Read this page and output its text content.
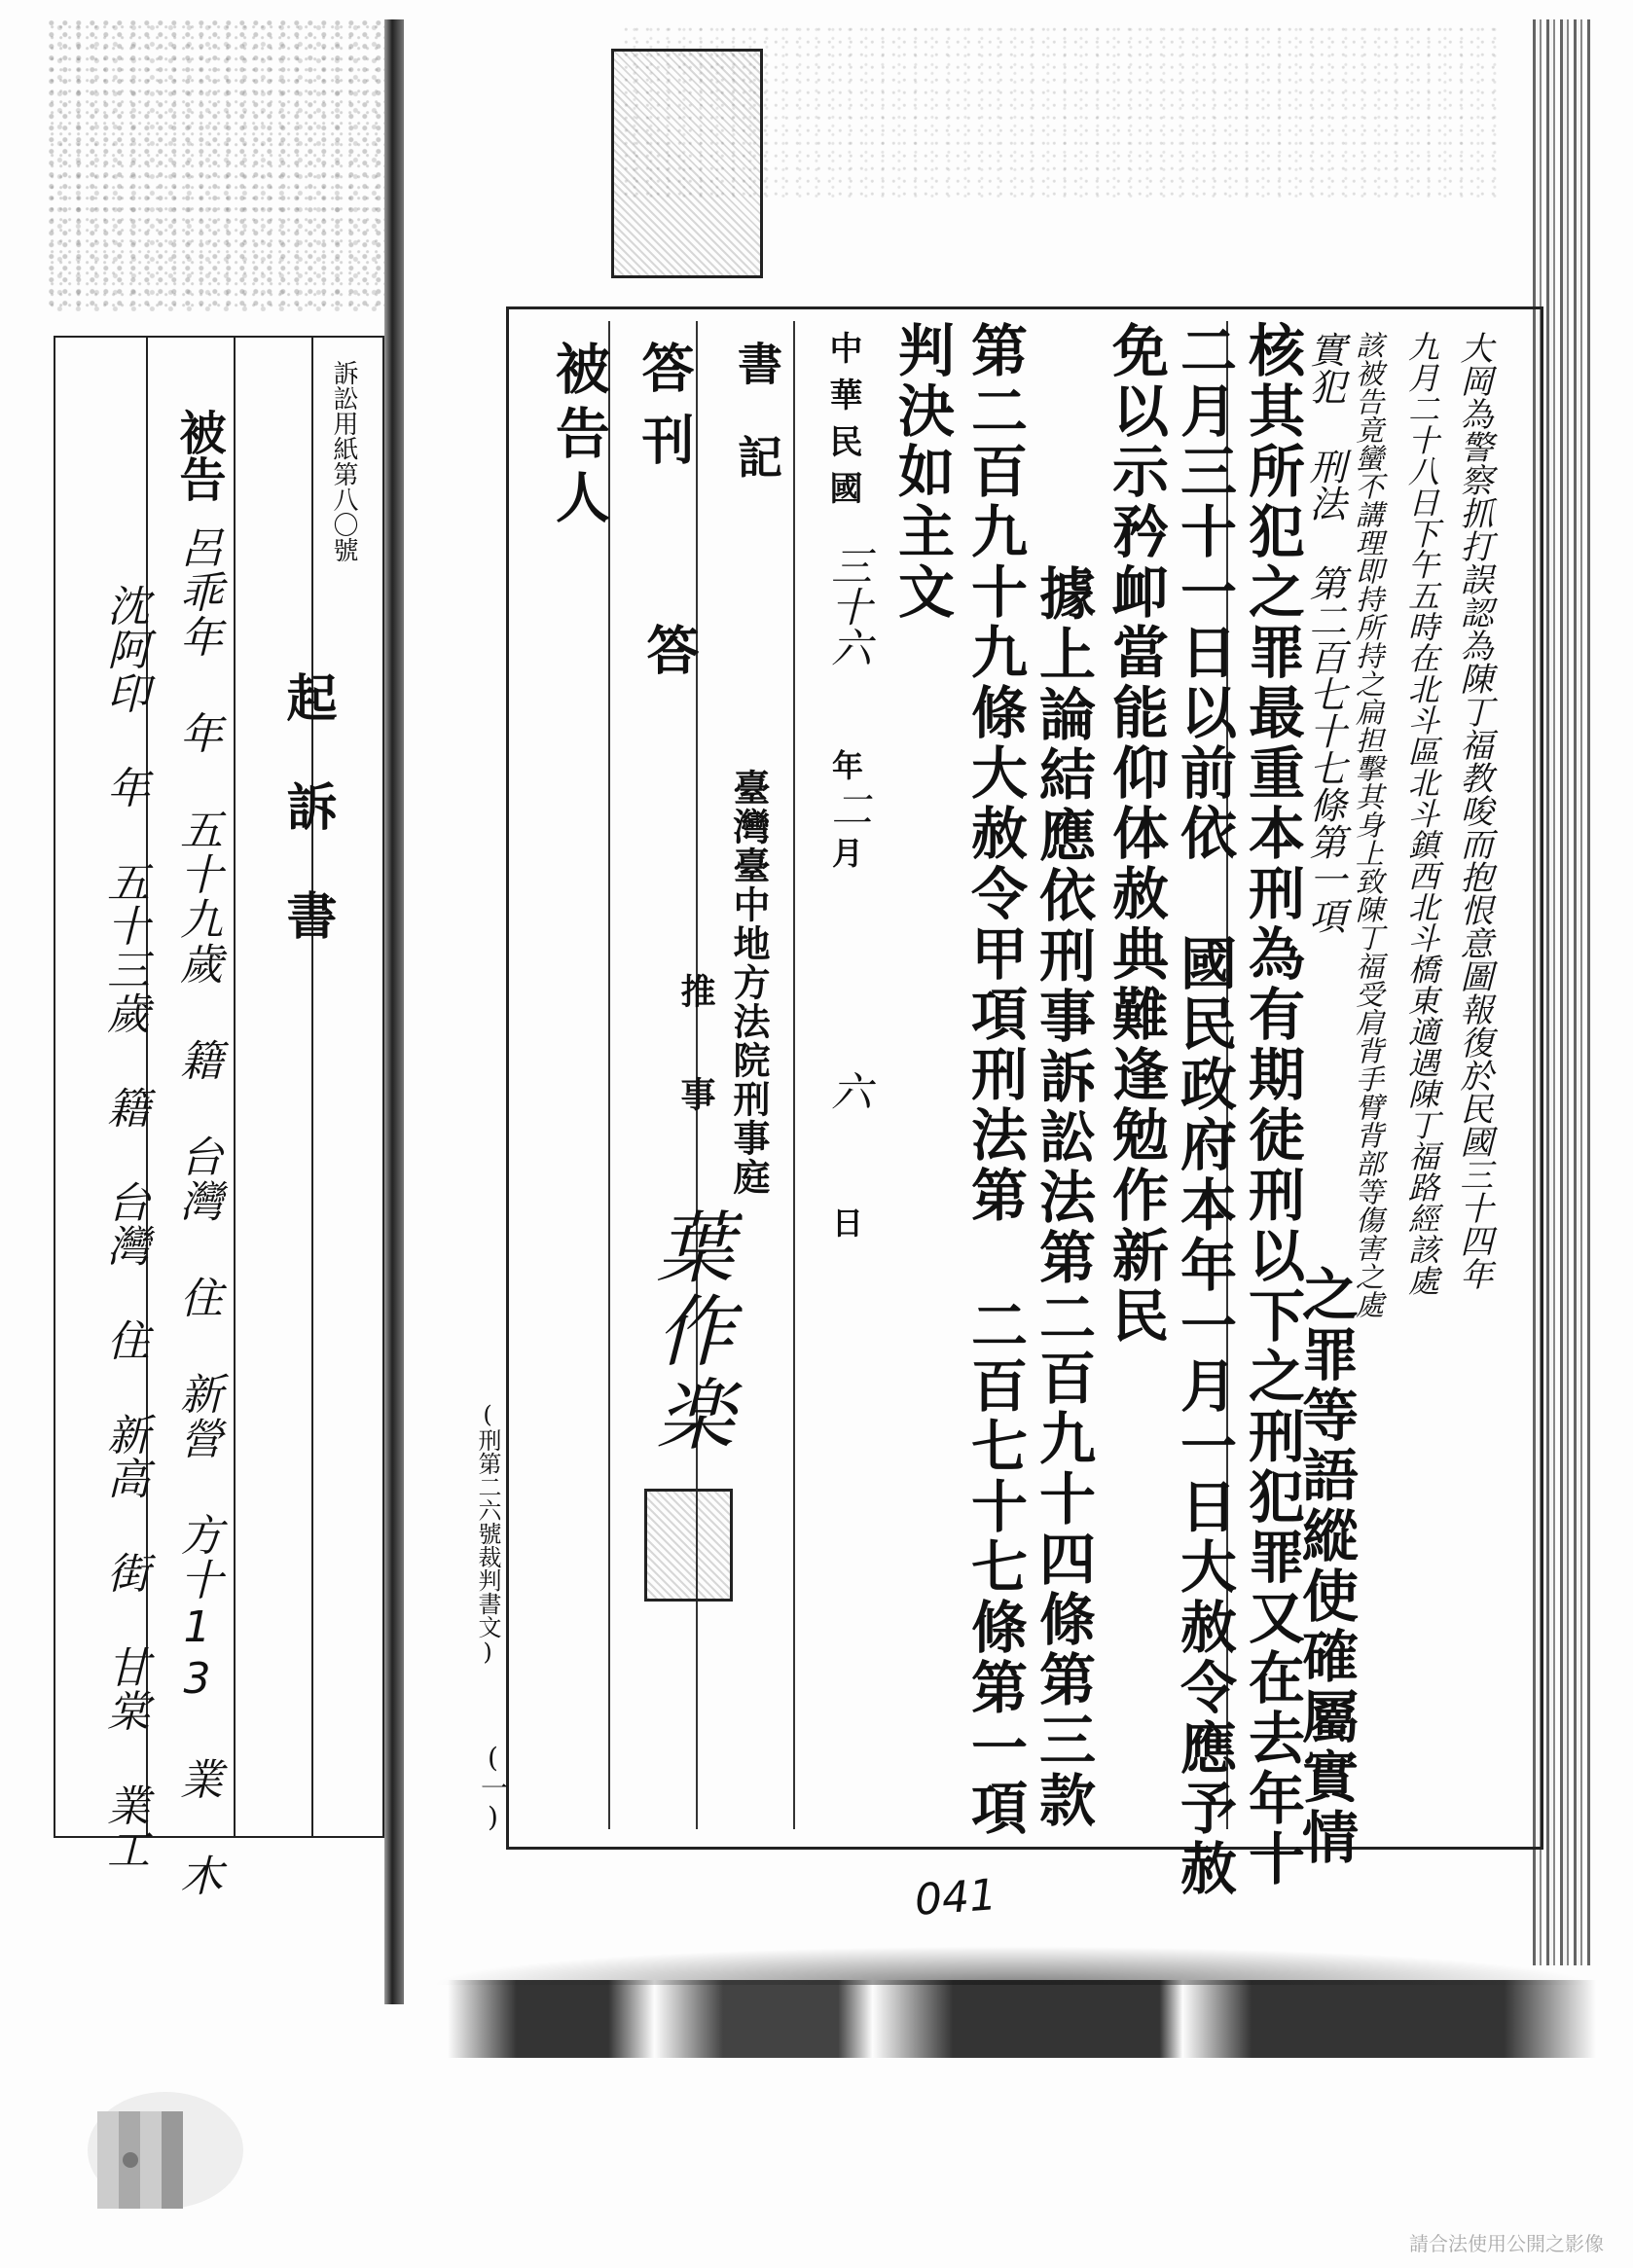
訴訟用紙第八〇號
起訴書
被告
呂乖年 年 五十九歲 籍 台灣 住 新營 方十13 業 木
沈阿印 年 五十三歲 籍 台灣 住 新高 街 甘棠 業工	大岡為警察抓打誤認為陳丁福教唆而抱恨意圖報復於民國三十四年
九月二十八日下午五時在北斗區北斗鎮西北斗橋東適遇陳丁福路經該處
該被告竟蠻不講理即持所持之扁担擊其身上致陳丁福受肩背手臂背部等傷害之處
實犯 刑法 第二百七十七條第一項
之罪等語縱使確屬實情
核其所犯之罪最重本刑為有期徒刑以下之刑犯罪又在去年十
二月三十一日以前依 國民政府本年一月一日大赦令應予赦
免以示矜卹當能仰体赦典難逢勉作新民
據上論結應依刑事訴訟法第二百九十四條第三款
第二百九十九條大赦令甲項刑法第 二百七十七條第一項
判決如主文
中華民國
三十六
年
二
月
六
日
臺灣臺中地方法院刑事庭
推事
葉作楽
書記
答刊
答
被告人
(刑第二六號裁判書文)
(一)
041
請合法使用公開之影像
